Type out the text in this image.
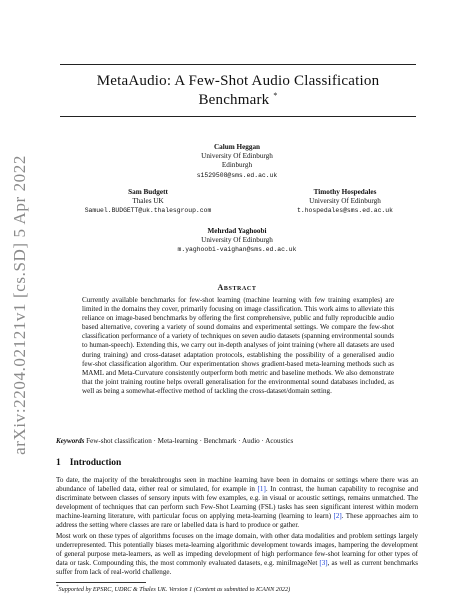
arXiv:2204.02121v1 [cs.SD] 5 Apr 2022
MetaAudio: A Few-Shot Audio Classification
Benchmark *
Calum Heggan
University Of Edinburgh
Edinburgh
s1529508@sms.ed.ac.uk
Sam Budgett
Thales UK
Samuel.BUDGETT@uk.thalesgroup.com
Timothy Hospedales
University Of Edinburgh
t.hospedales@sms.ed.ac.uk
Mehrdad Yaghoobi
University Of Edinburgh
m.yaghoobi-vaighan@sms.ed.ac.uk
Abstract

Currently available benchmarks for few-shot learning (machine learning with few training examples) are limited in the domains they cover, primarily focusing on image classification. This work aims to alleviate this reliance on image-based benchmarks by offering the first comprehensive, public and fully reproducible audio based alternative, covering a variety of sound domains and experimental settings. We compare the few-shot classification performance of a variety of techniques on seven audio datasets (spanning environmental sounds to human-speech). Extending this, we carry out in-depth analyses of joint training (where all datasets are used during training) and cross-dataset adaptation protocols, establishing the possibility of a generalised audio few-shot classification algorithm. Our experimentation shows gradient-based meta-learning methods such as MAML and Meta-Curvature consistently outperform both metric and baseline methods. We also demonstrate that the joint training routine helps overall generalisation for the environmental sound databases included, as well as being a somewhat-effective method of tackling the cross-dataset/domain setting.

Keywords Few-shot classification · Meta-learning · Benchmark · Audio · Acoustics

1 Introduction

To date, the majority of the breakthroughs seen in machine learning have been in domains or settings where there was an abundance of labelled data, either real or simulated, for example in [1]. In contrast, the human capability to recognise and discriminate between classes of sensory inputs with few examples, e.g. in visual or acoustic settings, remains unmatched. The development of techniques that can perform such Few-Shot Learning (FSL) tasks has seen significant interest within modern machine-learning literature, with particular focus on applying meta-learning (learning to learn) [2]. These approaches aim to address the setting where classes are rare or labelled data is hard to produce or gather.

Most work on these types of algorithms focuses on the image domain, with other data modalities and problem settings largely underrepresented. This potentially biases meta-learning algorithmic development towards images, hampering the development of general purpose meta-learners, as well as impeding development of high performance few-shot learning for other types of data or task. Compounding this, the most commonly evaluated datasets, e.g. miniImageNet [3], as well as current benchmarks suffer from lack of real-world challenge.

*Supported by EPSRC, UDRC & Thales UK. Version 1 (Content as submitted to ICANN 2022)
